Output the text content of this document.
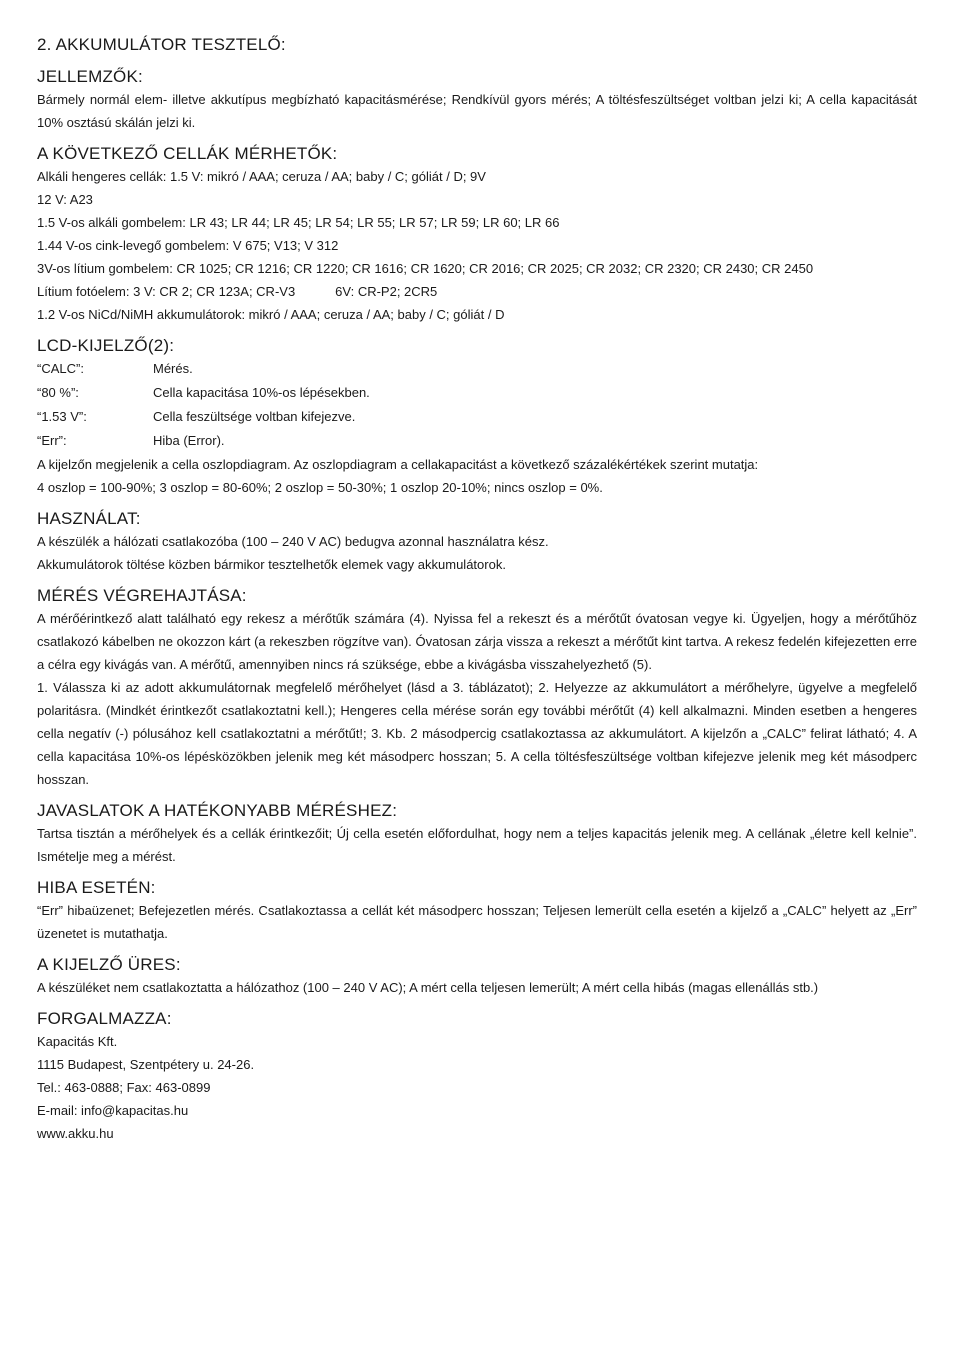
2. AKKUMULÁTOR TESZTELŐ:
JELLEMZŐK:

Bármely normál elem- illetve akkutípus megbízható kapacitásmérése; Rendkívül gyors mérés; A töltésfeszültséget voltban jelzi ki; A cella kapacitását 10% osztású skálán jelzi ki.

A KÖVETKEZŐ CELLÁK MÉRHETŐK:
Alkáli hengeres cellák: 1.5 V: mikró / AAA; ceruza / AA; baby / C; góliát / D; 9V
12 V: A23
1.5 V-os alkáli gombelem: LR 43; LR 44; LR 45; LR 54; LR 55; LR 57; LR 59; LR 60; LR 66
1.44 V-os cink-levegő gombelem: V 675; V13; V 312
3V-os lítium gombelem: CR 1025; CR 1216; CR 1220; CR 1616; CR 1620; CR 2016; CR 2025; CR 2032; CR 2320; CR 2430; CR 2450
Lítium fotóelem: 3 V: CR 2; CR 123A; CR-V3	6V: CR-P2; 2CR5
1.2 V-os NiCd/NiMH akkumulátorok: mikró / AAA; ceruza / AA; baby / C; góliát / D
LCD-KIJELZŐ(2):
“CALC”:	Mérés.
“80 %”:	Cella kapacitása 10%-os lépésekben.
“1.53 V”:	Cella feszültsége voltban kifejezve.
“Err”:	Hiba (Error).
A kijelzőn megjelenik a cella oszlopdiagram. Az oszlopdiagram a cellakapacitást a következő százalékértékek szerint mutatja:
4 oszlop = 100-90%; 3 oszlop = 80-60%; 2 oszlop = 50-30%; 1 oszlop 20-10%; nincs oszlop = 0%.
HASZNÁLAT:
A készülék a hálózati csatlakozóba (100 – 240 V AC) bedugva azonnal használatra kész.
Akkumulátorok töltése közben bármikor tesztelhetők elemek vagy akkumulátorok.
MÉRÉS VÉGREHAJTÁSA:

A mérőérintkező alatt található egy rekesz a mérőtűk számára (4). Nyissa fel a rekeszt és a mérőtűt óvatosan vegye ki. Ügyeljen, hogy a mérőtűhöz csatlakozó kábelben ne okozzon kárt (a rekeszben rögzítve van). Óvatosan zárja vissza a rekeszt a mérőtűt kint tartva. A rekesz fedelén kifejezetten erre a célra egy kivágás van. A mérőtű, amennyiben nincs rá szüksége, ebbe a kivágásba visszahelyezhető (5).

1. Válassza ki az adott akkumulátornak megfelelő mérőhelyet (lásd a 3. táblázatot); 2. Helyezze az akkumulátort a mérőhelyre, ügyelve a megfelelő polaritásra. (Mindkét érintkezőt csatlakoztatni kell.); Hengeres cella mérése során egy további mérőtűt (4) kell alkalmazni. Minden esetben a hengeres cella negatív (-) pólusához kell csatlakoztatni a mérőtűt!; 3. Kb. 2 másodpercig csatlakoztassa az akkumulátort. A kijelzőn a „CALC” felirat látható; 4. A cella kapacitása 10%-os lépésközökben jelenik meg két másodperc hosszan; 5. A cella töltésfeszültsége voltban kifejezve jelenik meg két másodperc hosszan.

JAVASLATOK A HATÉKONYABB MÉRÉSHEZ:

Tartsa tisztán a mérőhelyek és a cellák érintkezőit; Új cella esetén előfordulhat, hogy nem a teljes kapacitás jelenik meg. A cellának „életre kell kelnie”. Ismételje meg a mérést.

HIBA ESETÉN:

“Err” hibaüzenet; Befejezetlen mérés. Csatlakoztassa a cellát két másodperc hosszan; Teljesen lemerült cella esetén a kijelző a „CALC” helyett az „Err” üzenetet is mutathatja.

A KIJELZŐ ÜRES:
A készüléket nem csatlakoztatta a hálózathoz (100 – 240 V AC); A mért cella teljesen lemerült; A mért cella hibás (magas ellenállás stb.)
FORGALMAZZA:
Kapacitás Kft.
1115 Budapest, Szentpétery u. 24-26.
Tel.: 463-0888; Fax: 463-0899
E-mail: info@kapacitas.hu
www.akku.hu
